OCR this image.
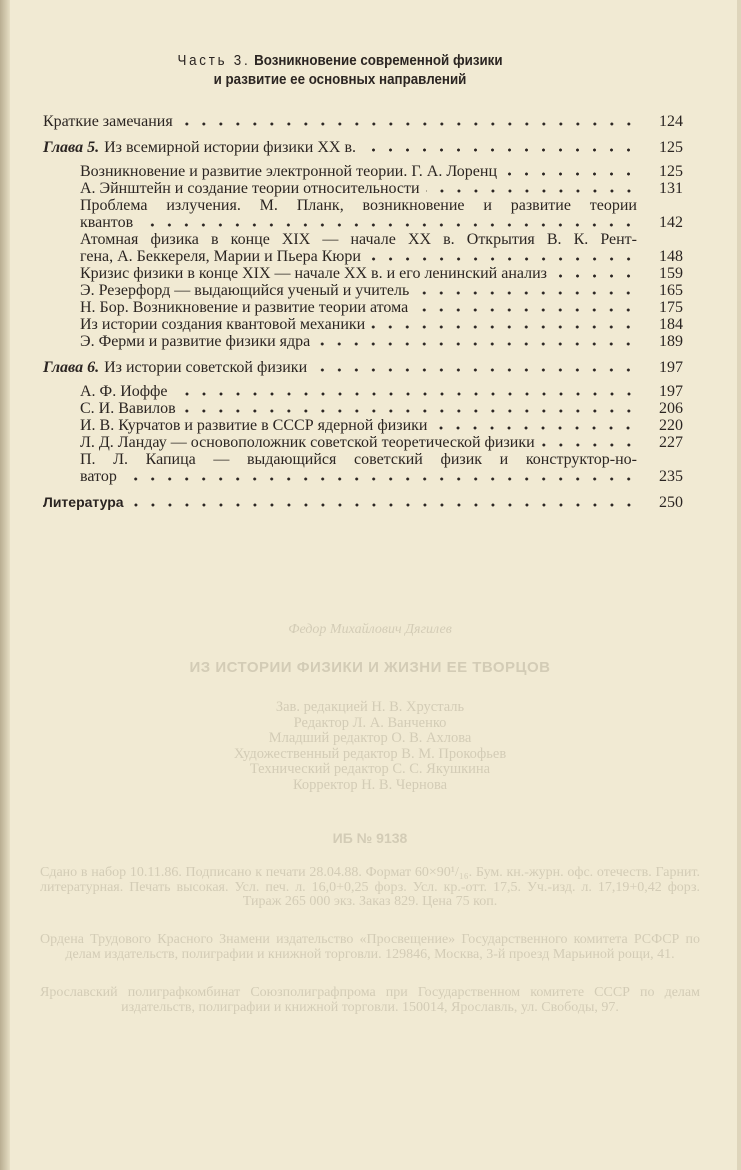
Часть 3. Возникновение современной физики
и развитие ее основных направлений
Краткие замечания	124
Глава 5. Из всемирной истории физики XX в.	125
Возникновение и развитие электронной теории. Г. А. Лоренц	125
А. Эйнштейн и создание теории относительности	131
Проблема излучения. М. Планк, возникновение и развитие теории
квантов	142
Атомная физика в конце XIX — начале XX в. Открытия В. К. Рент-
гена, А. Беккереля, Марии и Пьера Кюри	148
Кризис физики в конце XIX — начале XX в. и его ленинский анализ	159
Э. Резерфорд — выдающийся ученый и учитель	165
Н. Бор. Возникновение и развитие теории атома	175
Из истории создания квантовой механики	184
Э. Ферми и развитие физики ядра	189
Глава 6. Из истории советской физики	197
А. Ф. Иоффе	197
С. И. Вавилов	206
И. В. Курчатов и развитие в СССР ядерной физики	220
Л. Д. Ландау — основоположник советской теоретической физики	227
П. Л. Капица — выдающийся советский физик и конструктор-но-
ватор	235
Литература	250
Федор Михайлович Дягилев
ИЗ ИСТОРИИ ФИЗИКИ И ЖИЗНИ ЕЕ ТВОРЦОВ

Зав. редакцией Н. В. Хрусталь

Редактор Л. А. Ванченко

Младший редактор О. В. Ахлова

Художественный редактор В. М. Прокофьев

Технический редактор С. С. Якушкина

Корректор Н. В. Чернова

ИБ № 9138
Сдано в набор 10.11.86. Подписано к печати 28.04.88. Формат 60×90¹/₁₆. Бум. кн.-журн. офс. отечеств. Гарнит. литературная. Печать высокая. Усл. печ. л. 16,0+0,25 форз. Усл. кр.-отт. 17,5. Уч.-изд. л. 17,19+0,42 форз. Тираж 265 000 экз. Заказ 829. Цена 75 коп.
Ордена Трудового Красного Знамени издательство «Просвещение» Государственного комитета РСФСР по делам издательств, полиграфии и книжной торговли. 129846, Москва, 3-й проезд Марьиной рощи, 41.
Ярославский полиграфкомбинат Союзполиграфпрома при Государственном комитете СССР по делам издательств, полиграфии и книжной торговли. 150014, Ярославль, ул. Свободы, 97.
